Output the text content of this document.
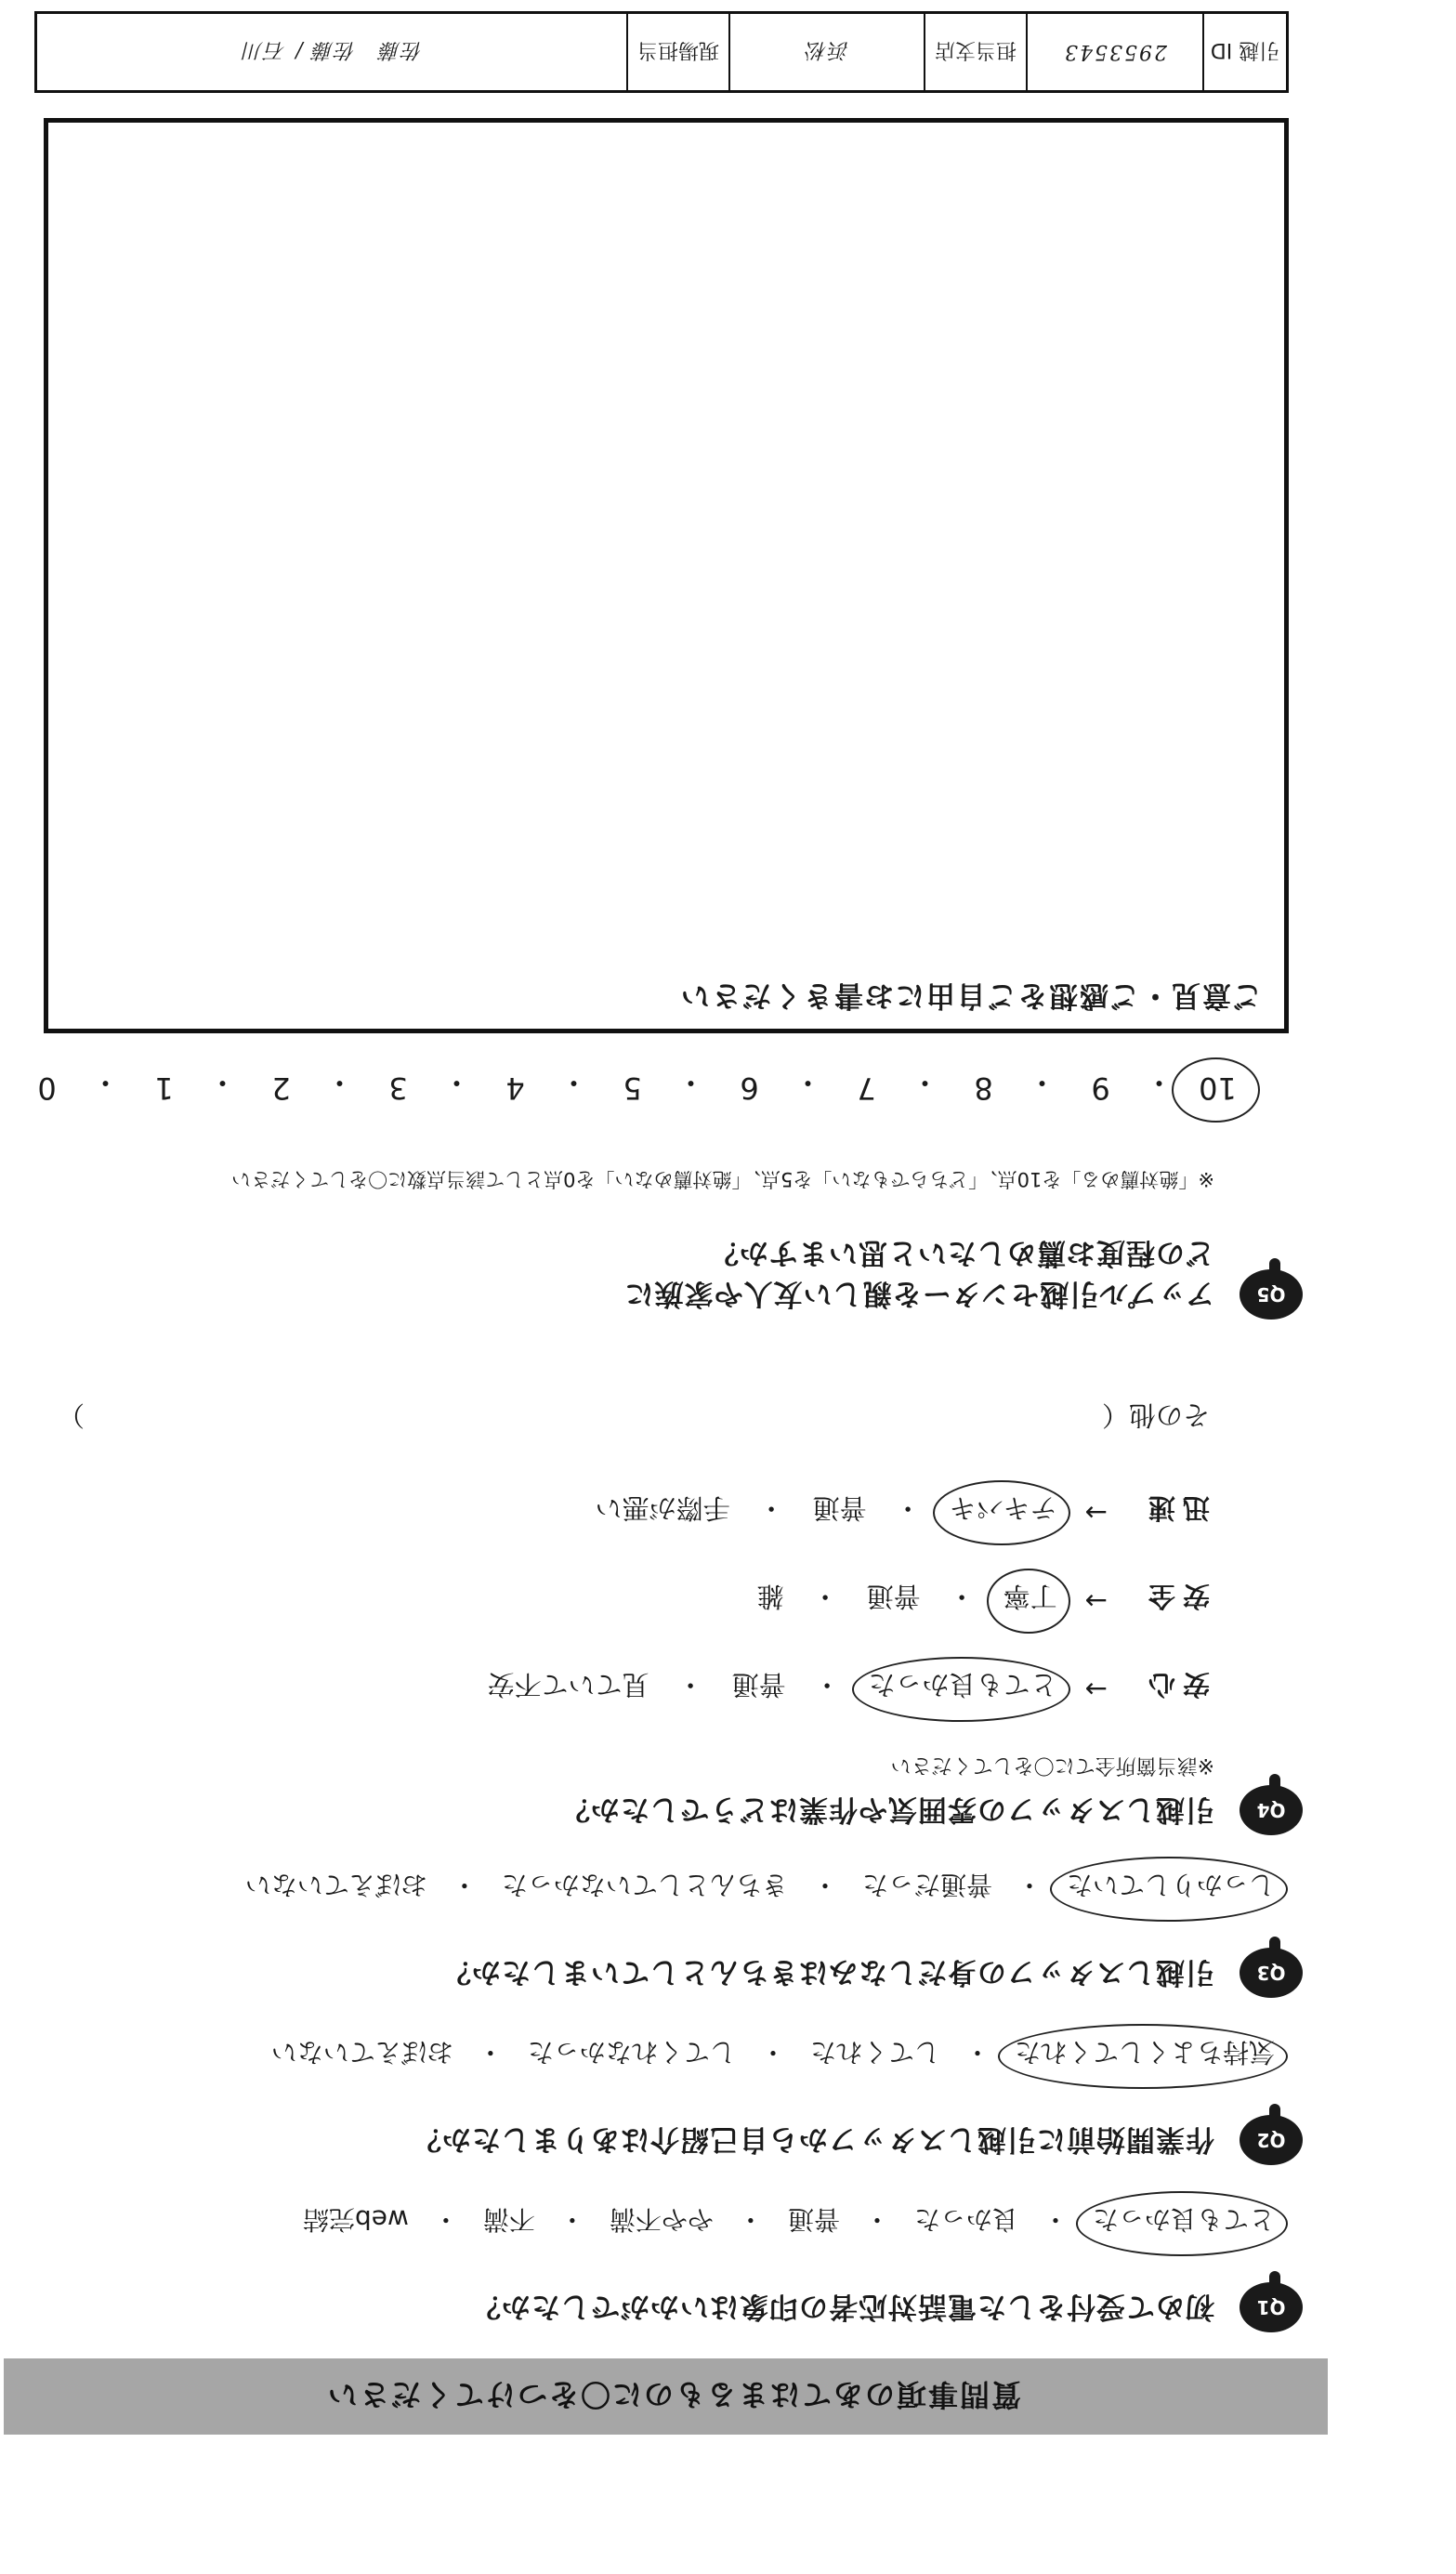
質問事項のあてはまるものに〇をつけてください
Q1
初めて受付をした電話対応者の印象はいかがでしたか？
とても良かった
・
良かった
・
普通
・
やや不満
・
不満
・
web完結
Q2
作業開始前に引越しスタッフから自己紹介はありましたか？
気持ちよくしてくれた
・
してくれた
・
してくれなかった
・
おぼえていない
Q3
引越しスタッフの身だしなみはきちんとしていましたか？
しっかりしていた
・
普通だった
・
きちんとしていなかった
・
おぼえていない
Q4
引越しスタッフの雰囲気や作業はどうでしたか？
※該当箇所全てに〇をしてください
安心
→
とても良かった
・
普通
・
見ていて不安
安全
→
丁寧
・
普通
・
雑
迅速
→
テキパキ
・
普通
・
手際が悪い
その他（
）
Q5
アップル引越センターを親しい友人や家族に
どの程度お薦めしたいと思いますか？
※「絶対薦める」を10点、「どちらでもない」を5点、「絶対薦めない」を0点として該当点数に〇をしてください
10
・
9
・
8
・
7
・
6
・
5
・
4
・
3
・
2
・
1
・
0
ご意見・ご感想をご自由にお書きください
引越 ID
2953543
担当支店
浜松
現場担当
佐藤　佐藤 / 石川
